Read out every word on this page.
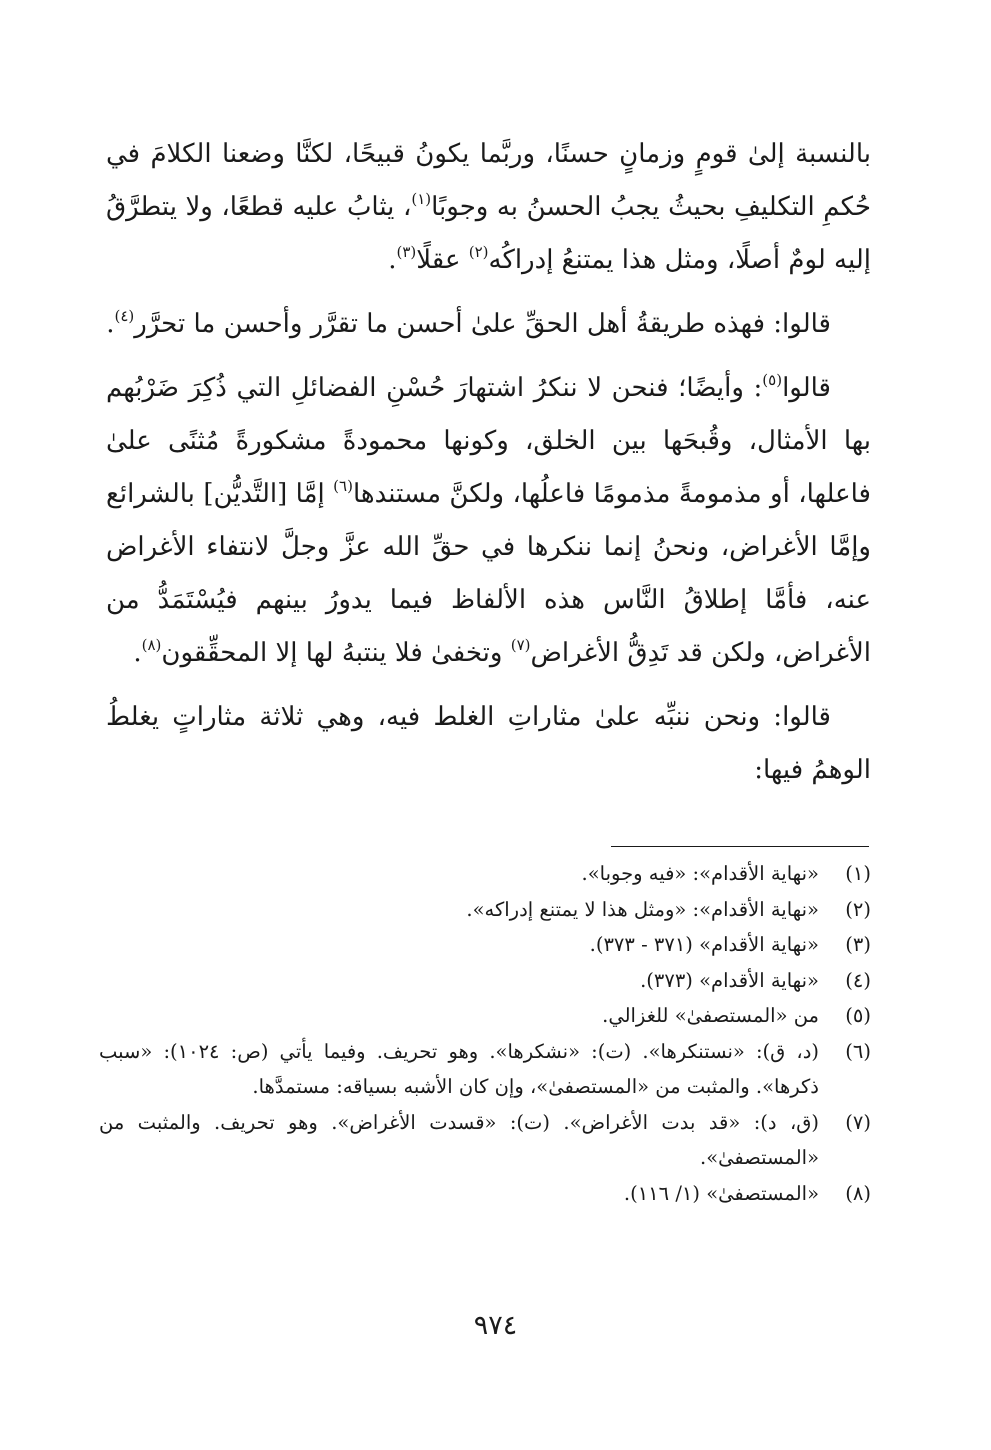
بالنسبة إلىٰ قومٍ وزمانٍ حسنًا، وربَّما يكونُ قبيحًا، لكنَّا وضعنا الكلامَ في حُكمِ التكليفِ بحيثُ يجبُ الحسنُ به وجوبًا$^{(١)}$، يثابُ عليه قطعًا، ولا يتطرَّقُ إليه لومٌ أصلًا، ومثل هذا يمتنعُ إدراكُه$^{(٢)}$ عقلًا$^{(٣)}$.

قالوا: فهذه طريقةُ أهل الحقِّ علىٰ أحسن ما تقرَّر وأحسن ما تحرَّر$^{(٤)}$.

قالوا$^{(٥)}$: وأيضًا؛ فنحن لا ننكرُ اشتهارَ حُسْنِ الفضائلِ التي ذُكِرَ ضَرْبُهم بها الأمثال، وقُبحَها بين الخلق، وكونها محمودةً مشكورةً مُثنًى علىٰ فاعلها، أو مذمومةً مذمومًا فاعلُها، ولكنَّ مستندها$^{(٦)}$ إمَّا [التَّديُّن] بالشرائع وإمَّا الأغراض، ونحنُ إنما ننكرها في حقِّ الله عزَّ وجلَّ لانتفاء الأغراض عنه، فأمَّا إطلاقُ النَّاس هذه الألفاظ فيما يدورُ بينهم فيُسْتَمَدُّ من الأغراض، ولكن قد تَدِقُّ الأغراض$^{(٧)}$ وتخفىٰ فلا ينتبهُ لها إلا المحقِّقون$^{(٨)}$.

قالوا: ونحن ننبِّه علىٰ مثاراتِ الغلط فيه، وهي ثلاثة مثاراتٍ يغلطُ الوهمُ فيها:

(١)
«نهاية الأقدام»: «فيه وجوبا».

(٢)
«نهاية الأقدام»: «ومثل هذا لا يمتنع إدراكه».

(٣)
«نهاية الأقدام» (٣٧١ - ٣٧٣).

(٤)
«نهاية الأقدام» (٣٧٣).

(٥)
من «المستصفىٰ» للغزالي.

(٦)
(د، ق): «نستنكرها». (ت): «نشكرها». وهو تحريف. وفيما يأتي (ص: ١٠٢٤): «سبب ذكرها». والمثبت من «المستصفىٰ»، وإن كان الأشبه بسياقه: مستمدَّها.

(٧)
(ق، د): «قد بدت الأغراض». (ت): «قسدت الأغراض». وهو تحريف. والمثبت من «المستصفىٰ».

(٨)
«المستصفىٰ» (١/ ١١٦).

٩٧٤
